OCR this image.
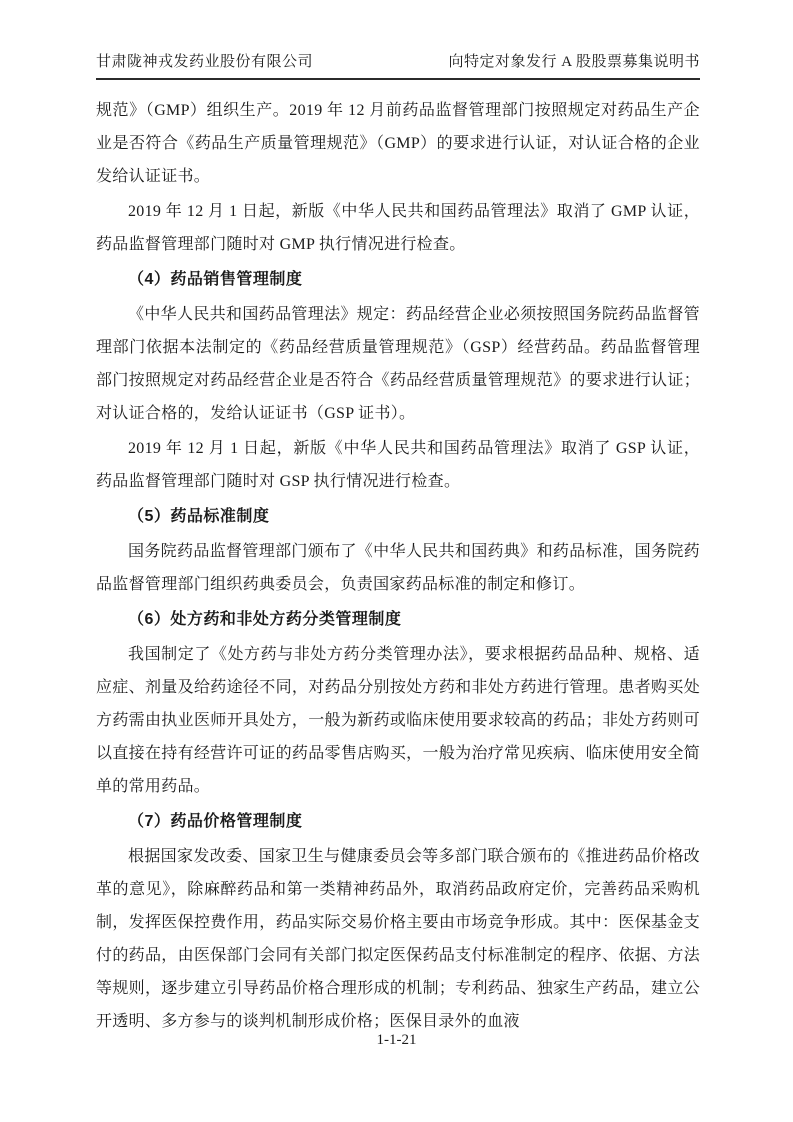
甘肃陇神戎发药业股份有限公司	向特定对象发行 A 股股票募集说明书

规范》（GMP）组织生产。2019 年 12 月前药品监督管理部门按照规定对药品生产企业是否符合《药品生产质量管理规范》（GMP）的要求进行认证，对认证合格的企业发给认证证书。

2019 年 12 月 1 日起，新版《中华人民共和国药品管理法》取消了 GMP 认证，药品监督管理部门随时对 GMP 执行情况进行检查。

（4）药品销售管理制度

《中华人民共和国药品管理法》规定：药品经营企业必须按照国务院药品监督管理部门依据本法制定的《药品经营质量管理规范》（GSP）经营药品。药品监督管理部门按照规定对药品经营企业是否符合《药品经营质量管理规范》的要求进行认证；对认证合格的，发给认证证书（GSP 证书）。

2019 年 12 月 1 日起，新版《中华人民共和国药品管理法》取消了 GSP 认证，药品监督管理部门随时对 GSP 执行情况进行检查。

（5）药品标准制度

国务院药品监督管理部门颁布了《中华人民共和国药典》和药品标准，国务院药品监督管理部门组织药典委员会，负责国家药品标准的制定和修订。

（6）处方药和非处方药分类管理制度

我国制定了《处方药与非处方药分类管理办法》，要求根据药品品种、规格、适应症、剂量及给药途径不同，对药品分别按处方药和非处方药进行管理。患者购买处方药需由执业医师开具处方，一般为新药或临床使用要求较高的药品；非处方药则可以直接在持有经营许可证的药品零售店购买，一般为治疗常见疾病、临床使用安全简单的常用药品。

（7）药品价格管理制度

根据国家发改委、国家卫生与健康委员会等多部门联合颁布的《推进药品价格改革的意见》，除麻醉药品和第一类精神药品外，取消药品政府定价，完善药品采购机制，发挥医保控费作用，药品实际交易价格主要由市场竞争形成。其中：医保基金支付的药品，由医保部门会同有关部门拟定医保药品支付标准制定的程序、依据、方法等规则，逐步建立引导药品价格合理形成的机制；专利药品、独家生产药品，建立公开透明、多方参与的谈判机制形成价格；医保目录外的血液

1-1-21
